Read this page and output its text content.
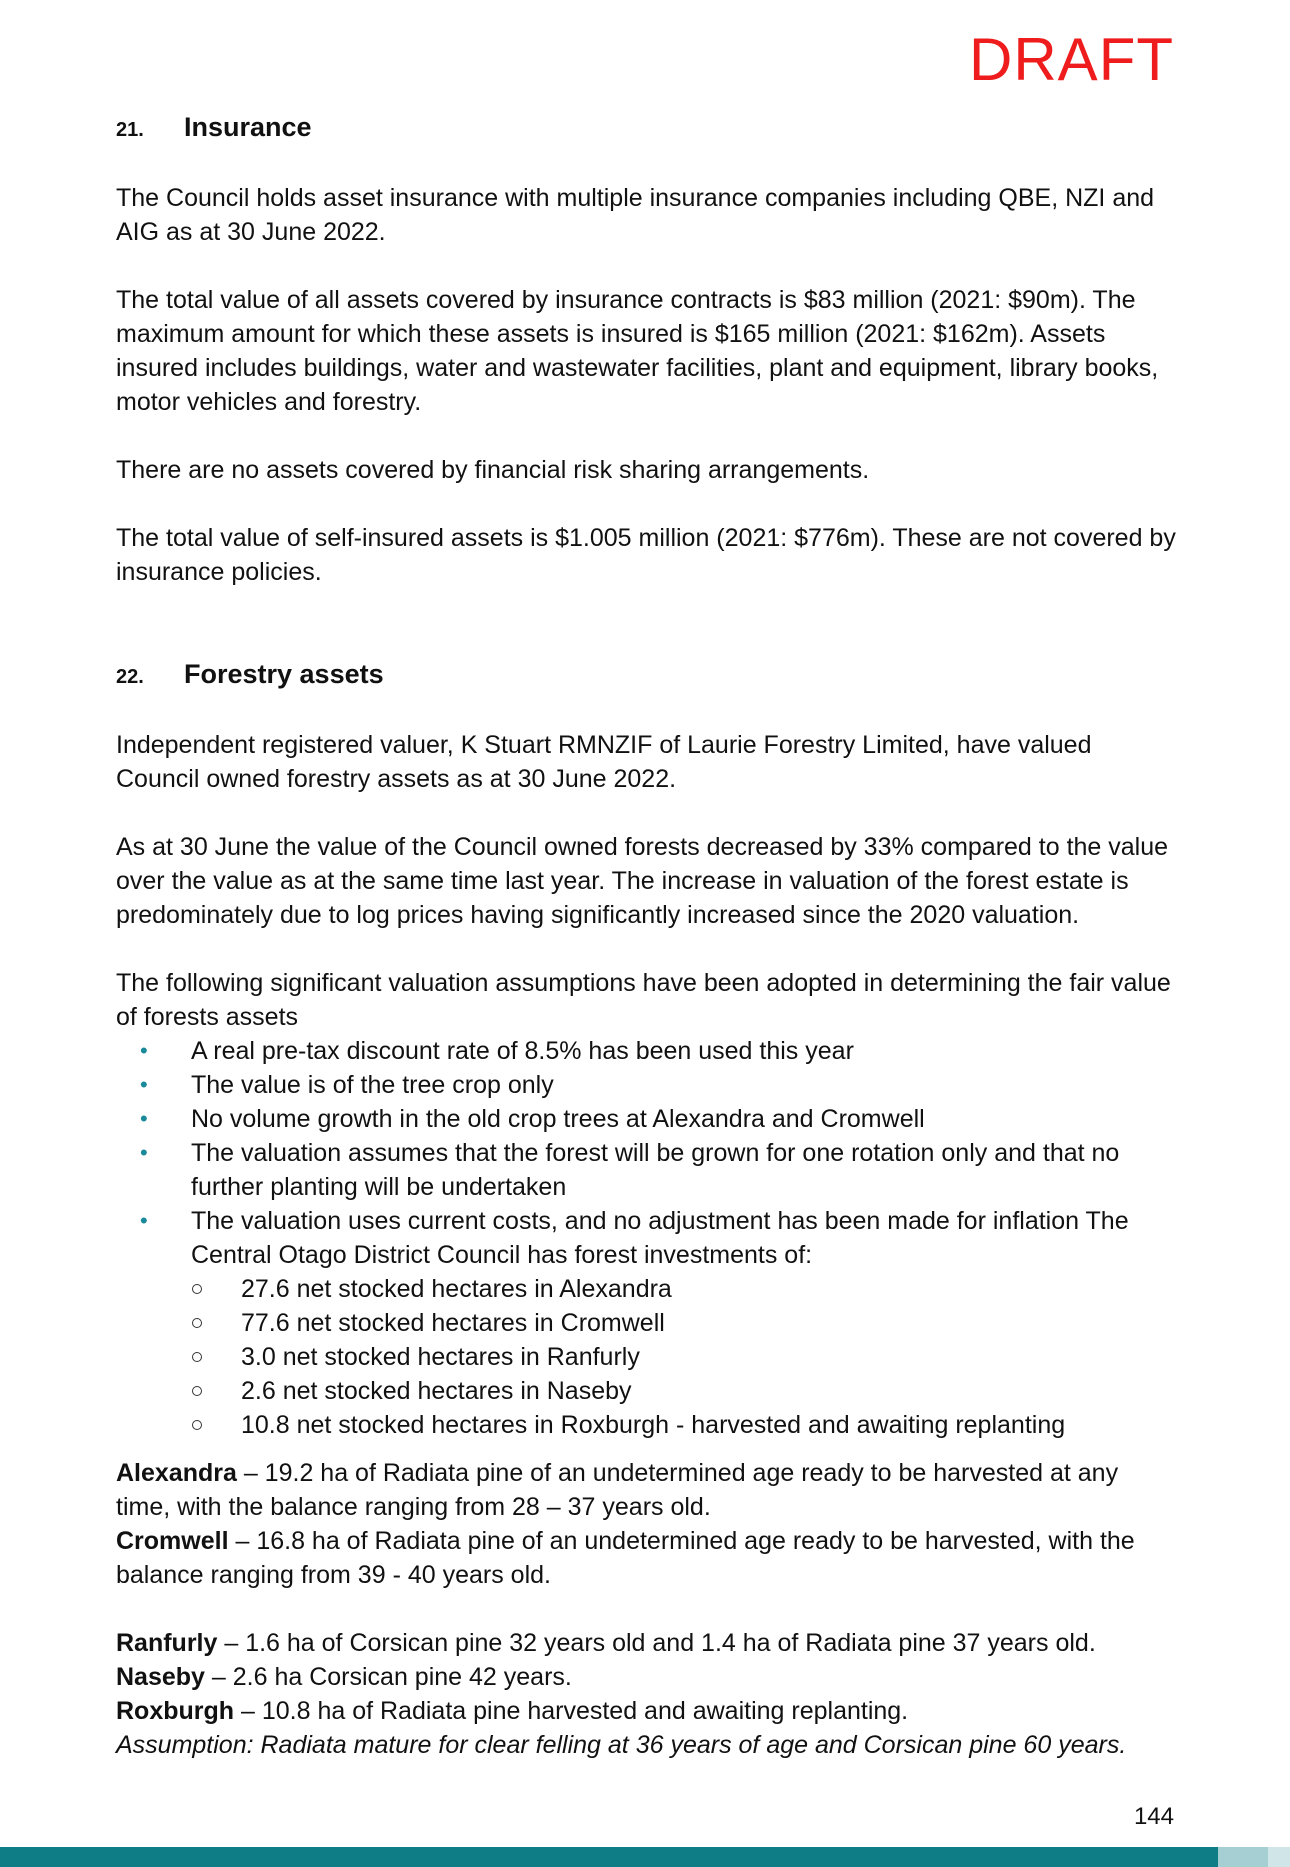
DRAFT
21.	Insurance

The Council holds asset insurance with multiple insurance companies including QBE, NZI and AIG as at 30 June 2022.

The total value of all assets covered by insurance contracts is $83 million (2021: $90m). The maximum amount for which these assets is insured is $165 million (2021: $162m). Assets insured includes buildings, water and wastewater facilities, plant and equipment, library books, motor vehicles and forestry.

There are no assets covered by financial risk sharing arrangements.

The total value of self-insured assets is $1.005 million (2021: $776m). These are not covered by insurance policies.

22.	Forestry assets

Independent registered valuer, K Stuart RMNZIF of Laurie Forestry Limited, have valued Council owned forestry assets as at 30 June 2022.

As at 30 June the value of the Council owned forests decreased by 33% compared to the value over the value as at the same time last year. The increase in valuation of the forest estate is predominately due to log prices having significantly increased since the 2020 valuation.

The following significant valuation assumptions have been adopted in determining the fair value of forests assets

• A real pre-tax discount rate of 8.5% has been used this year
• The value is of the tree crop only
• No volume growth in the old crop trees at Alexandra and Cromwell
• The valuation assumes that the forest will be grown for one rotation only and that no further planting will be undertaken
• The valuation uses current costs, and no adjustment has been made for inflation The Central Otago District Council has forest investments of:
27.6 net stocked hectares in Alexandra
77.6 net stocked hectares in Cromwell
3.0 net stocked hectares in Ranfurly
2.6 net stocked hectares in Naseby
10.8 net stocked hectares in Roxburgh - harvested and awaiting replanting

Alexandra – 19.2 ha of Radiata pine of an undetermined age ready to be harvested at any time, with the balance ranging from 28 – 37 years old.

Cromwell – 16.8 ha of Radiata pine of an undetermined age ready to be harvested, with the balance ranging from 39 - 40 years old.

Ranfurly – 1.6 ha of Corsican pine 32 years old and 1.4 ha of Radiata pine 37 years old.

Naseby – 2.6 ha Corsican pine 42 years.

Roxburgh – 10.8 ha of Radiata pine harvested and awaiting replanting.

Assumption: Radiata mature for clear felling at 36 years of age and Corsican pine 60 years.

144
